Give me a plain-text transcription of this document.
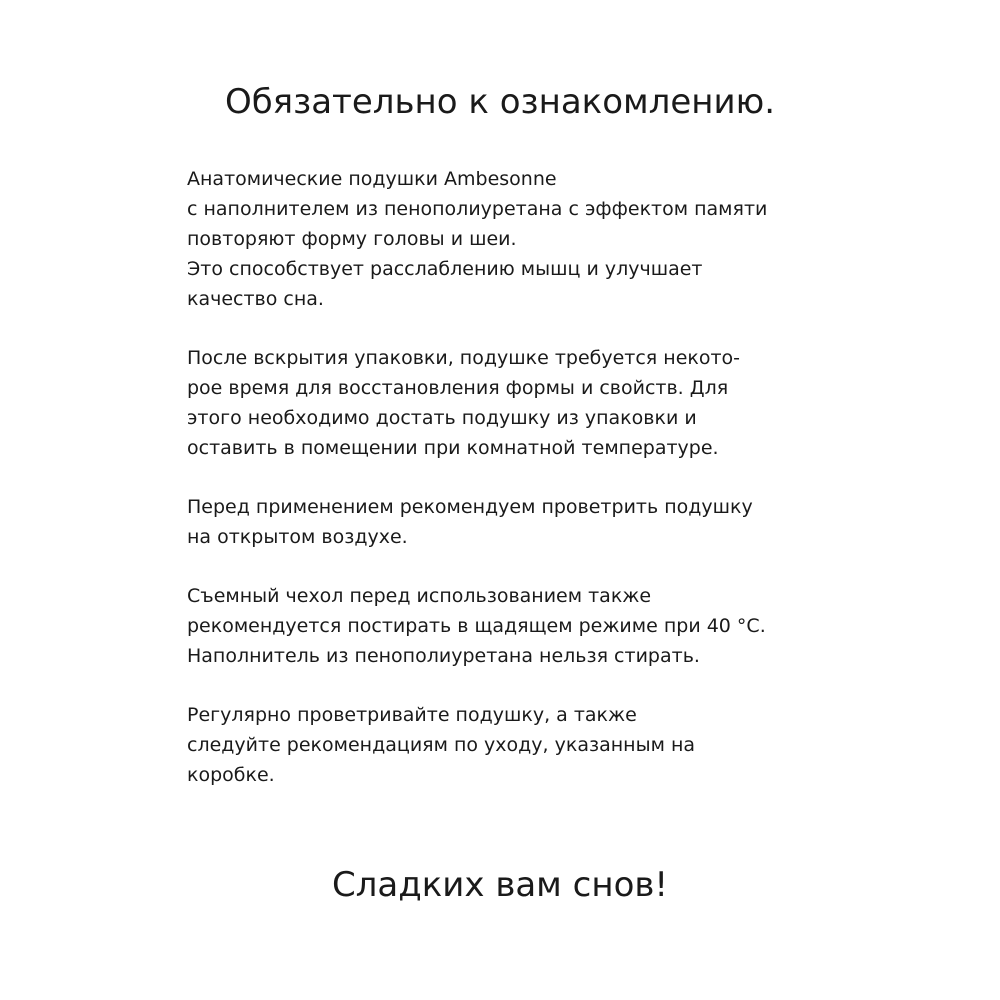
Обязательно к ознакомлению.

Анатомические подушки Ambesonne
с наполнителем из пенополиуретана с эффектом памяти
повторяют форму головы и шеи.
Это способствует расслаблению мышц и улучшает
качество сна.

После вскрытия упаковки, подушке требуется некото-
рое время для восстановления формы и свойств. Для
этого необходимо достать подушку из упаковки и
оставить в помещении при комнатной температуре.

Перед применением рекомендуем проветрить подушку
на открытом воздухе.

Съемный чехол перед использованием также
рекомендуется постирать в щадящем режиме при 40 °C.
Наполнитель из пенополиуретана нельзя стирать.

Регулярно проветривайте подушку, а также
следуйте рекомендациям по уходу, указанным на
коробке.

Сладких вам снов!
